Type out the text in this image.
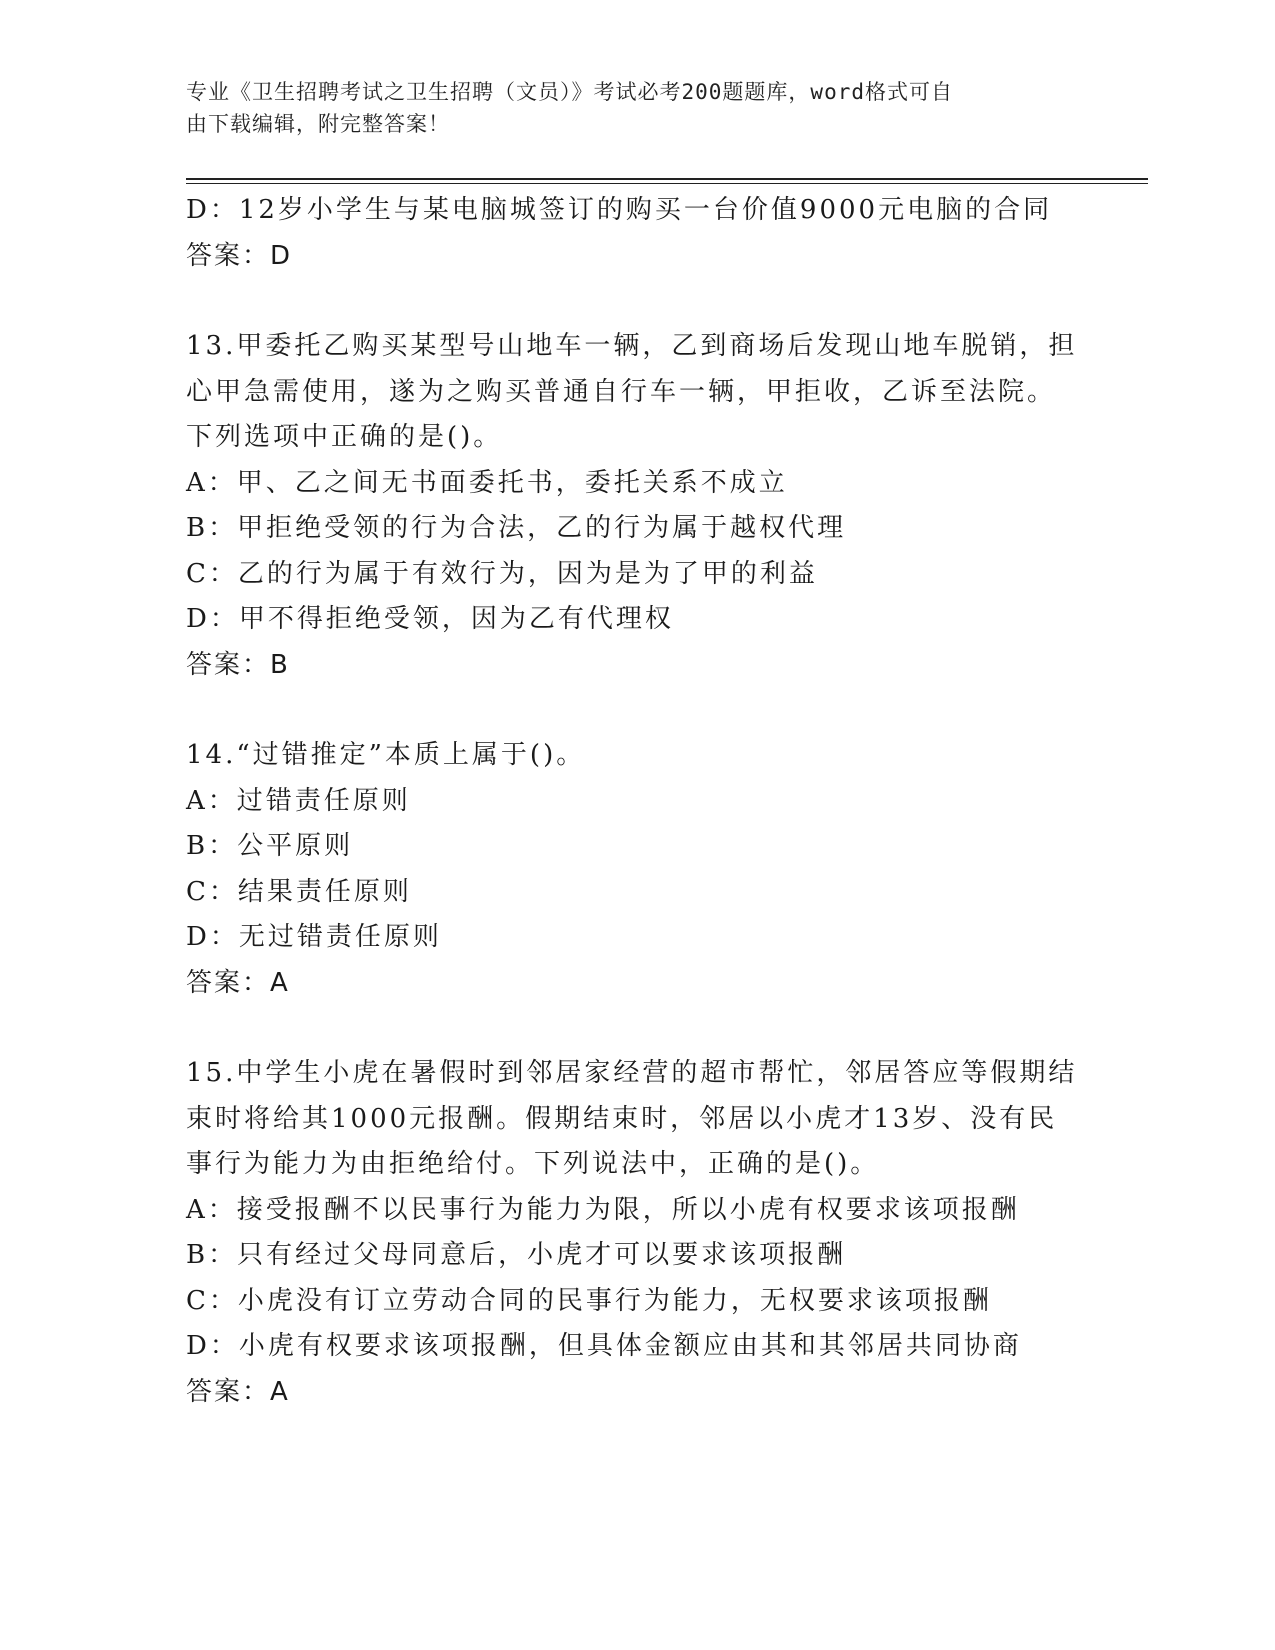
专业《卫生招聘考试之卫生招聘（文员）》考试必考200题题库，word格式可自
由下载编辑，附完整答案！
D：12岁小学生与某电脑城签订的购买一台价值9000元电脑的合同
答案：D
13.甲委托乙购买某型号山地车一辆，乙到商场后发现山地车脱销，担
心甲急需使用，遂为之购买普通自行车一辆，甲拒收，乙诉至法院。
下列选项中正确的是()。
A：甲、乙之间无书面委托书，委托关系不成立
B：甲拒绝受领的行为合法，乙的行为属于越权代理
C：乙的行为属于有效行为，因为是为了甲的利益
D：甲不得拒绝受领，因为乙有代理权
答案：B
14.“过错推定”本质上属于()。
A：过错责任原则
B：公平原则
C：结果责任原则
D：无过错责任原则
答案：A
15.中学生小虎在暑假时到邻居家经营的超市帮忙，邻居答应等假期结
束时将给其1000元报酬。假期结束时，邻居以小虎才13岁、没有民
事行为能力为由拒绝给付。下列说法中，正确的是()。
A：接受报酬不以民事行为能力为限，所以小虎有权要求该项报酬
B：只有经过父母同意后，小虎才可以要求该项报酬
C：小虎没有订立劳动合同的民事行为能力，无权要求该项报酬
D：小虎有权要求该项报酬，但具体金额应由其和其邻居共同协商
答案：A
